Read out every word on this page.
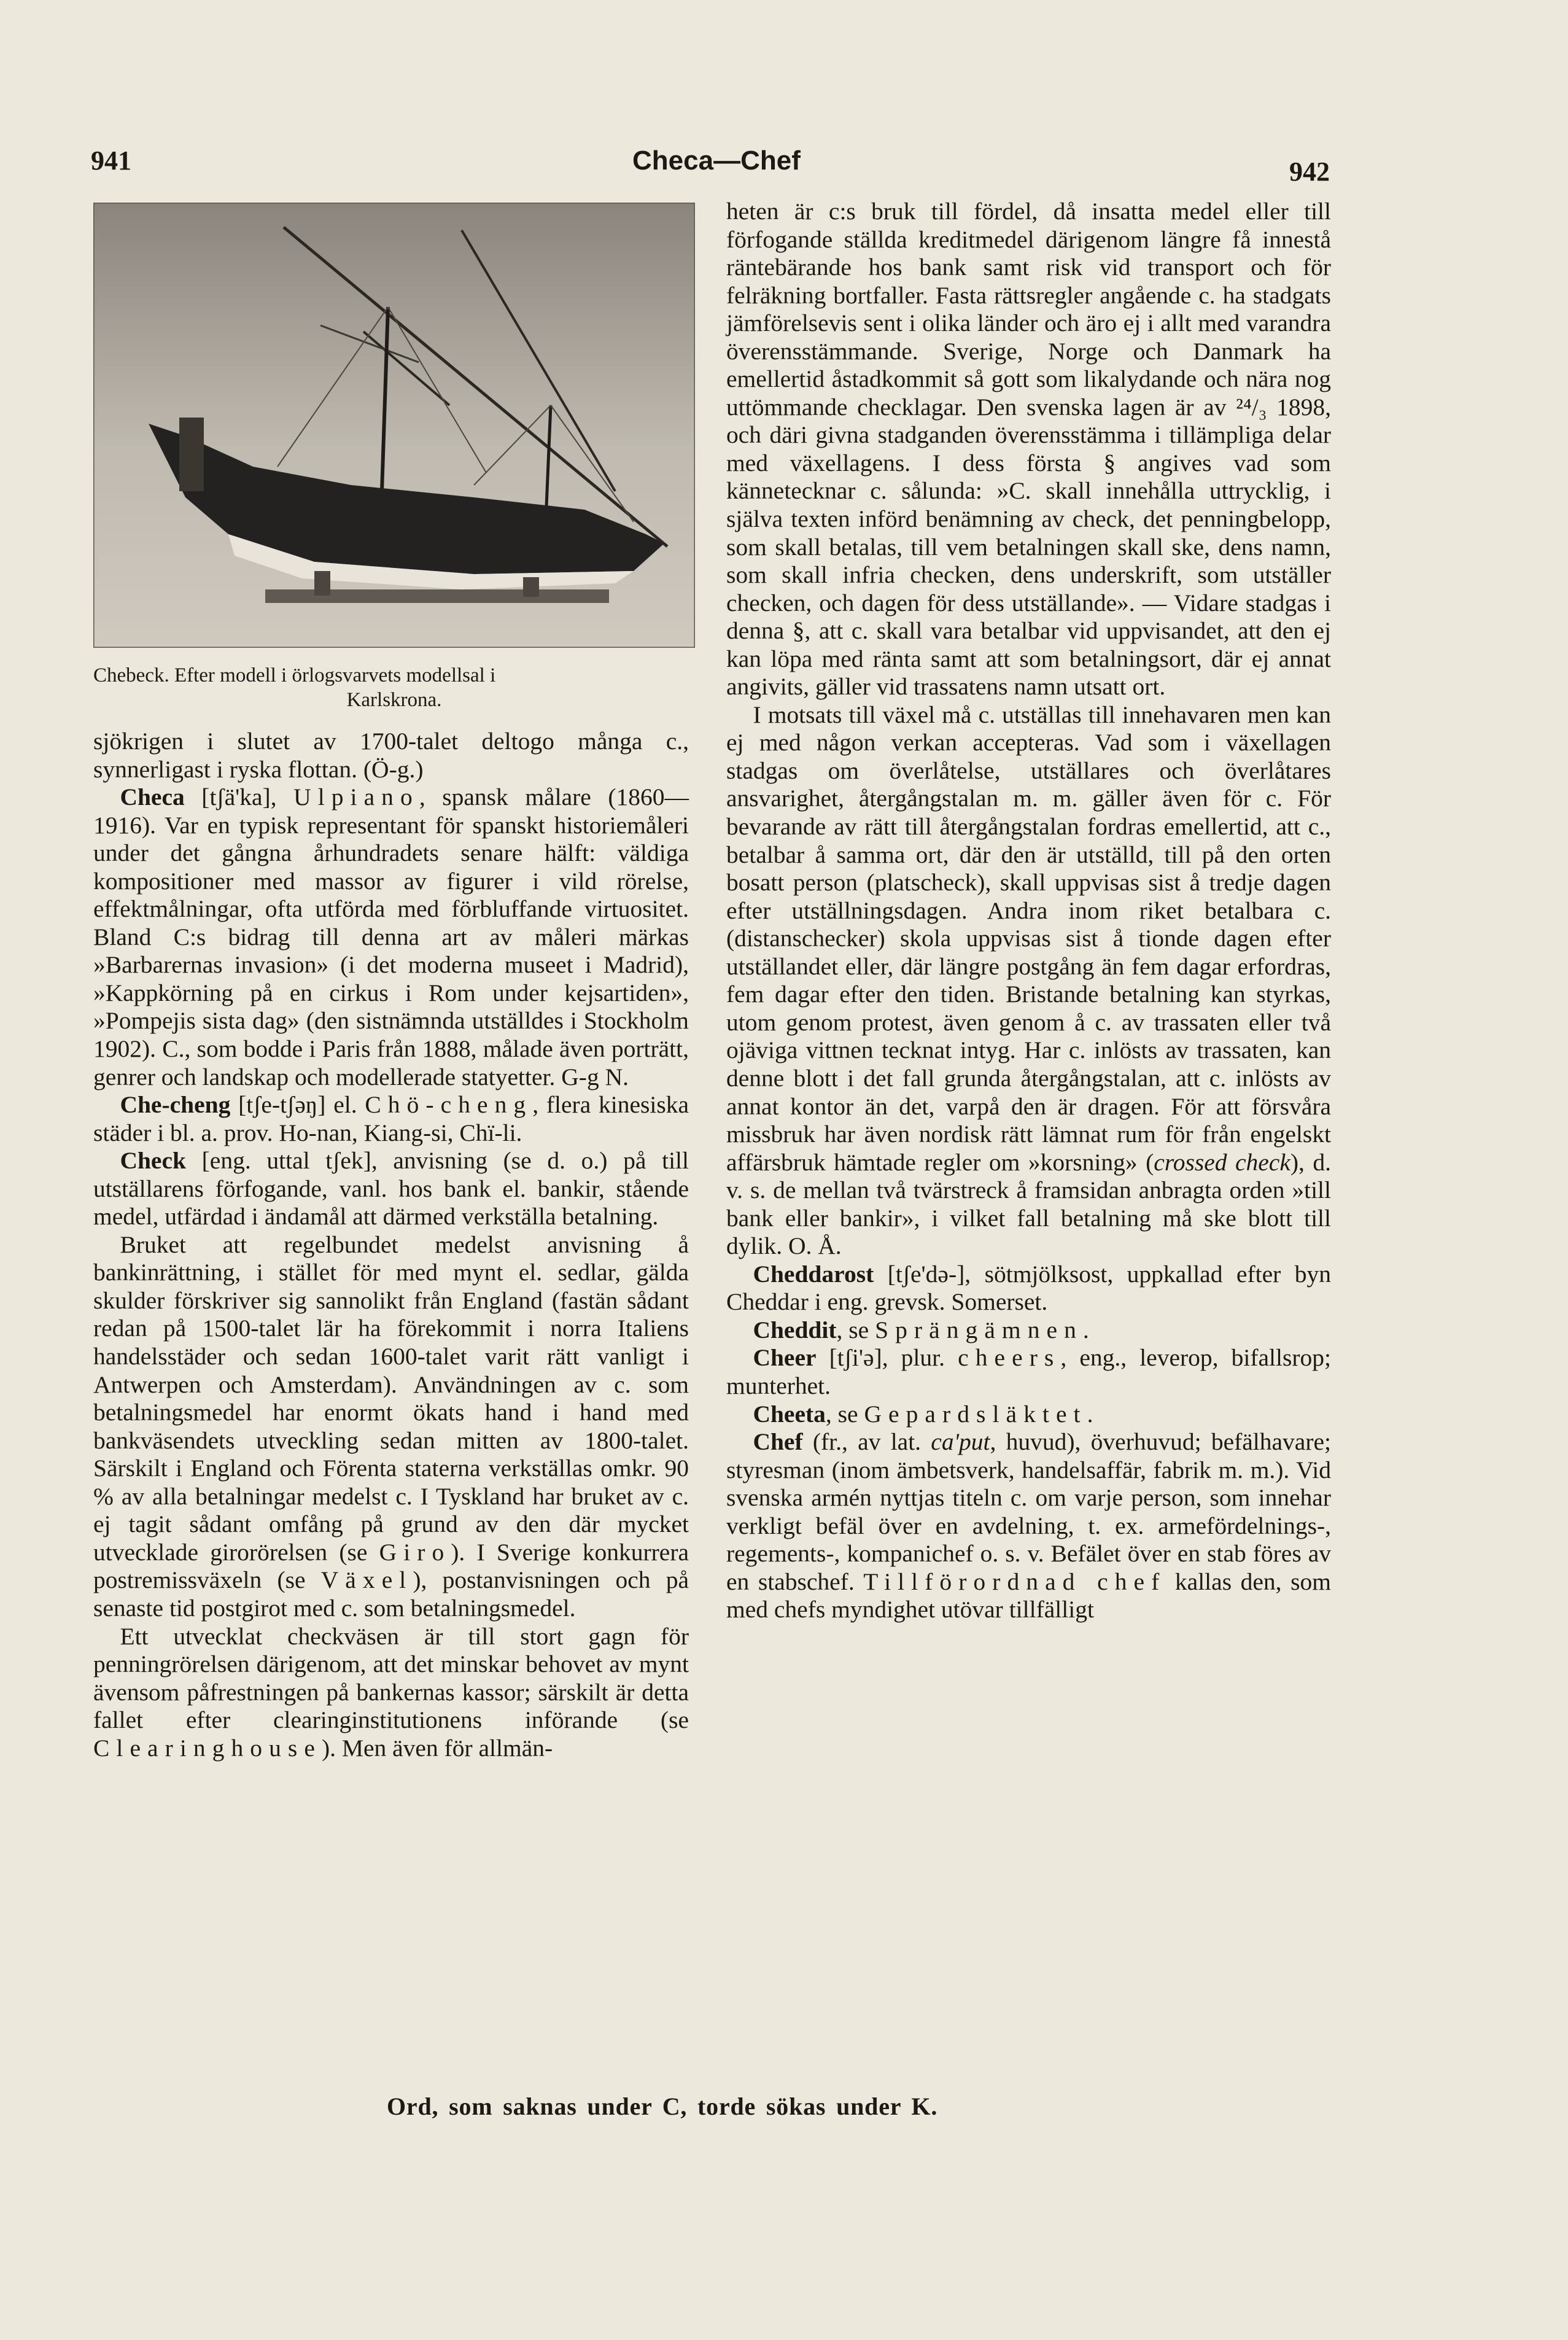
941	Checa—Chef	942
Chebeck. Efter modell i örlogsvarvets modellsal i
Karlskrona.

sjökrigen i slutet av 1700-talet deltogo många c., synnerligast i ryska flottan. (Ö-g.)

Checa [tʃä'ka], Ulpiano, spansk målare (1860—1916). Var en typisk representant för spanskt historiemåleri under det gångna århundradets senare hälft: väldiga kompositioner med massor av figurer i vild rörelse, effektmålningar, ofta utförda med förbluffande virtuositet. Bland C:s bidrag till denna art av måleri märkas »Barbarernas invasion» (i det moderna museet i Madrid), »Kappkörning på en cirkus i Rom under kejsartiden», »Pompejis sista dag» (den sistnämnda utställdes i Stockholm 1902). C., som bodde i Paris från 1888, målade även porträtt, genrer och landskap och modellerade statyetter. G-g N.

Che-cheng [tʃe-tʃəŋ] el. Chö-cheng, flera kinesiska städer i bl. a. prov. Ho-nan, Kiang-si, Chï-li.

Check [eng. uttal tʃek], anvisning (se d. o.) på till utställarens förfogande, vanl. hos bank el. bankir, stående medel, utfärdad i ändamål att därmed verkställa betalning.

Bruket att regelbundet medelst anvisning å bankinrättning, i stället för med mynt el. sedlar, gälda skulder förskriver sig sannolikt från England (fastän sådant redan på 1500-talet lär ha förekommit i norra Italiens handelsstäder och sedan 1600-talet varit rätt vanligt i Antwerpen och Amsterdam). Användningen av c. som betalningsmedel har enormt ökats hand i hand med bankväsendets utveckling sedan mitten av 1800-talet. Särskilt i England och Förenta staterna verkställas omkr. 90 % av alla betalningar medelst c. I Tyskland har bruket av c. ej tagit sådant omfång på grund av den där mycket utvecklade girorörelsen (se Giro). I Sverige konkurrera postremissväxeln (se Växel), postanvisningen och på senaste tid postgirot med c. som betalningsmedel.

Ett utvecklat checkväsen är till stort gagn för penningrörelsen därigenom, att det minskar behovet av mynt ävensom påfrestningen på bankernas kassor; särskilt är detta fallet efter clearinginstitutionens införande (se Clearinghouse). Men även för allmän-

heten är c:s bruk till fördel, då insatta medel eller till förfogande ställda kreditmedel därigenom längre få innestå räntebärande hos bank samt risk vid transport och för felräkning bortfaller. Fasta rättsregler angående c. ha stadgats jämförelsevis sent i olika länder och äro ej i allt med varandra överensstämmande. Sverige, Norge och Danmark ha emellertid åstadkommit så gott som likalydande och nära nog uttömmande checklagar. Den svenska lagen är av ²⁴/₃ 1898, och däri givna stadganden överensstämma i tillämpliga delar med växellagens. I dess första § angives vad som kännetecknar c. sålunda: »C. skall innehålla uttrycklig, i själva texten införd benämning av check, det penningbelopp, som skall betalas, till vem betalningen skall ske, dens namn, som skall infria checken, dens underskrift, som utställer checken, och dagen för dess utställande». — Vidare stadgas i denna §, att c. skall vara betalbar vid uppvisandet, att den ej kan löpa med ränta samt att som betalningsort, där ej annat angivits, gäller vid trassatens namn utsatt ort.

I motsats till växel må c. utställas till innehavaren men kan ej med någon verkan accepteras. Vad som i växellagen stadgas om överlåtelse, utställares och överlåtares ansvarighet, återgångstalan m. m. gäller även för c. För bevarande av rätt till återgångstalan fordras emellertid, att c., betalbar å samma ort, där den är utställd, till på den orten bosatt person (platscheck), skall uppvisas sist å tredje dagen efter utställningsdagen. Andra inom riket betalbara c. (distanschecker) skola uppvisas sist å tionde dagen efter utställandet eller, där längre postgång än fem dagar erfordras, fem dagar efter den tiden. Bristande betalning kan styrkas, utom genom protest, även genom å c. av trassaten eller två ojäviga vittnen tecknat intyg. Har c. inlösts av trassaten, kan denne blott i det fall grunda återgångstalan, att c. inlösts av annat kontor än det, varpå den är dragen. För att försvåra missbruk har även nordisk rätt lämnat rum för från engelskt affärsbruk hämtade regler om »korsning» (crossed check), d. v. s. de mellan två tvärstreck å framsidan anbragta orden »till bank eller bankir», i vilket fall betalning må ske blott till dylik. O. Å.

Cheddarost [tʃe'də-], sötmjölksost, uppkallad efter byn Cheddar i eng. grevsk. Somerset.

Cheddit, se Sprängämnen.

Cheer [tʃi'ə], plur. cheers, eng., leverop, bifallsrop; munterhet.

Cheeta, se Gepardsläktet.

Chef (fr., av lat. ca'put, huvud), överhuvud; befälhavare; styresman (inom ämbetsverk, handelsaffär, fabrik m. m.). Vid svenska armén nyttjas titeln c. om varje person, som innehar verkligt befäl över en avdelning, t. ex. armefördelnings-, regements-, kompanichef o. s. v. Befälet över en stab föres av en stabschef. Tillförordnad chef kallas den, som med chefs myndighet utövar tillfälligt

Ord, som saknas under C, torde sökas under K.
